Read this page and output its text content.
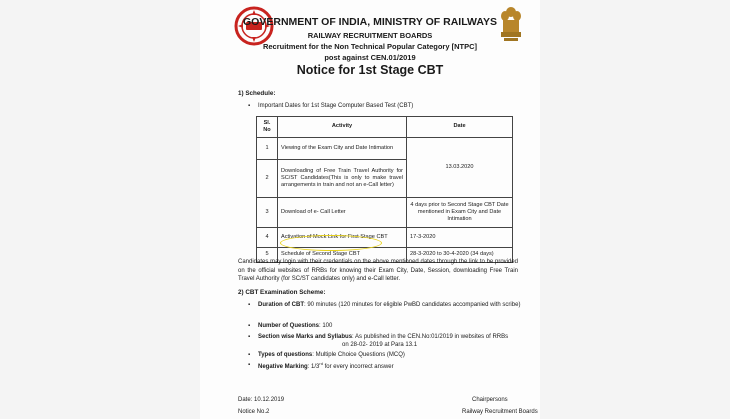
GOVERNMENT OF INDIA, MINISTRY OF RAILWAYS
RAILWAY RECRUITMENT BOARDS
Recruitment for the Non Technical Popular Category [NTPC]
post against CEN.01/2019
Notice for 1st Stage CBT
1) Schedule:
▪ Important Dates for 1st Stage Computer Based Test (CBT)
Sl. No	Activity	Date
1	Viewing of the Exam City and Date Intimation	13.03.2020
2	Downloading of Free Train Travel Authority for SC/ST Candidates(This is only to make travel arrangements in train and not an e-Call letter)	
3	Download of e- Call Letter	4 days prior to Second Stage CBT Date mentioned in Exam City and Date Intimation
4	Activation of Mock Link for First Stage CBT	17-3-2020
5	Schedule of Second Stage CBT	28-3-2020 to 30-4-2020 (34 days)
Candidates may login with their credentials on the above mentioned dates through the link to be provided on the official websites of RRBs for knowing their Exam City, Date, Session, downloading Free Train Travel Authority (for SC/ST candidates only) and e-Call letter.
2) CBT Examination Scheme:
▪ Duration of CBT: 90 minutes (120 minutes for eligible PwBD candidates accompanied with scribe)
▪ Number of Questions: 100
▪ Section wise Marks and Syllabus: As published in the CEN.No:01/2019 in websites of RRBs
on 28-02- 2019 at Para 13.1
▪ Types of questions: Multiple Choice Questions (MCQ)
▪ Negative Marking: 1/3rd for every incorrect answer
Date: 10.12.2019
Notice No.2
Chairpersons
Railway Recruitment Boards
